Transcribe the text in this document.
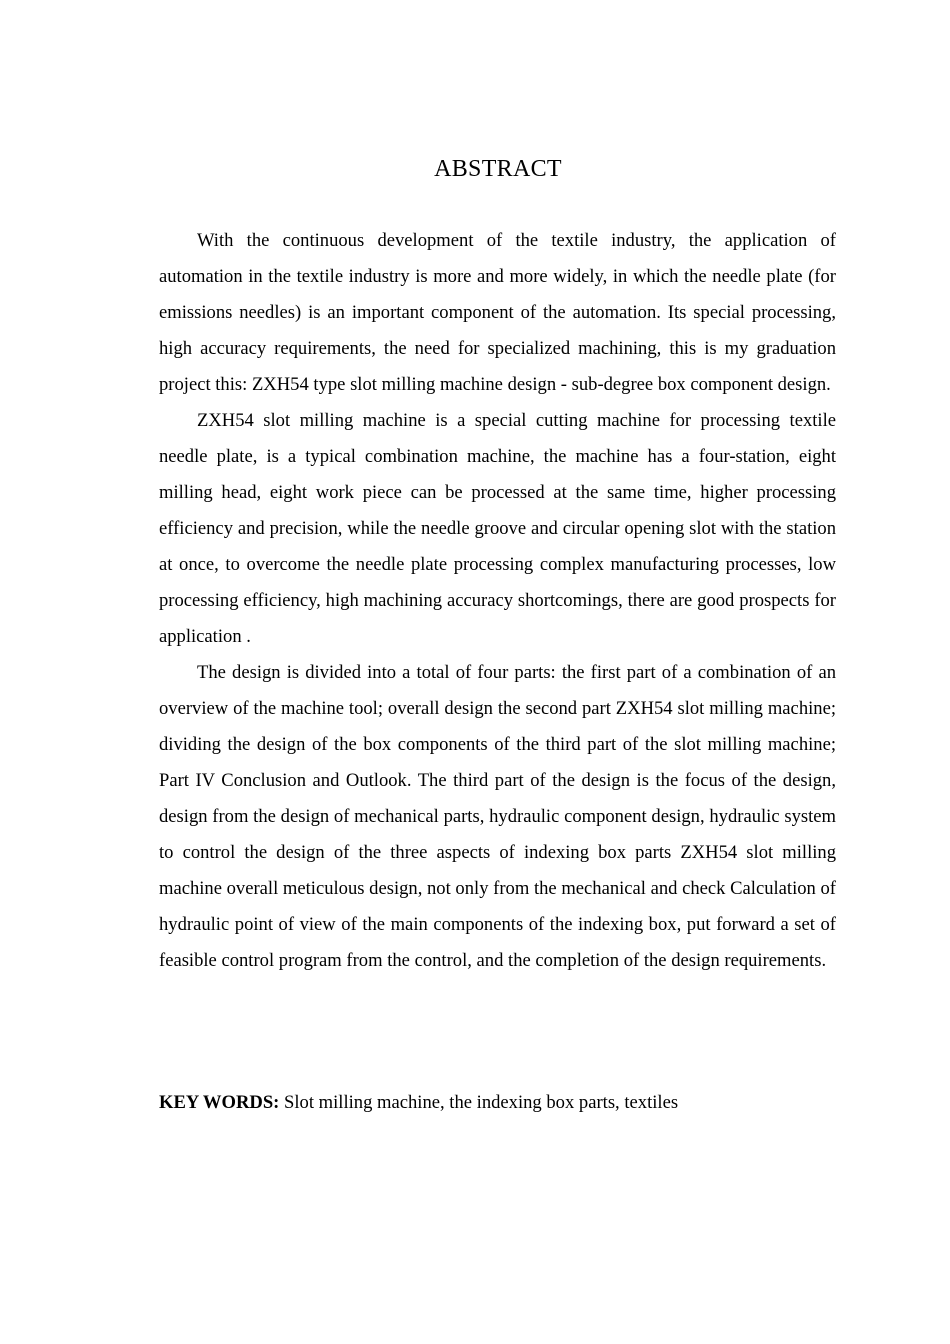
ABSTRACT

With the continuous development of the textile industry, the application of automation in the textile industry is more and more widely, in which the needle plate (for emissions needles) is an important component of the automation. Its special processing, high accuracy requirements, the need for specialized machining, this is my graduation project this: ZXH54 type slot milling machine design - sub-degree box component design.

ZXH54 slot milling machine is a special cutting machine for processing textile needle plate, is a typical combination machine, the machine has a four-station, eight milling head, eight work piece can be processed at the same time, higher processing efficiency and precision, while the needle groove and circular opening slot with the station at once, to overcome the needle plate processing complex manufacturing processes, low processing efficiency, high machining accuracy shortcomings, there are good prospects for application .

The design is divided into a total of four parts: the first part of a combination of an overview of the machine tool; overall design the second part ZXH54 slot milling machine; dividing the design of the box components of the third part of the slot milling machine; Part IV Conclusion and Outlook. The third part of the design is the focus of the design, design from the design of mechanical parts, hydraulic component design, hydraulic system to control the design of the three aspects of indexing box parts ZXH54 slot milling machine overall meticulous design, not only from the mechanical and check Calculation of hydraulic point of view of the main components of the indexing box, put forward a set of feasible control program from the control, and the completion of the design requirements.

KEY WORDS: Slot milling machine, the indexing box parts, textiles
